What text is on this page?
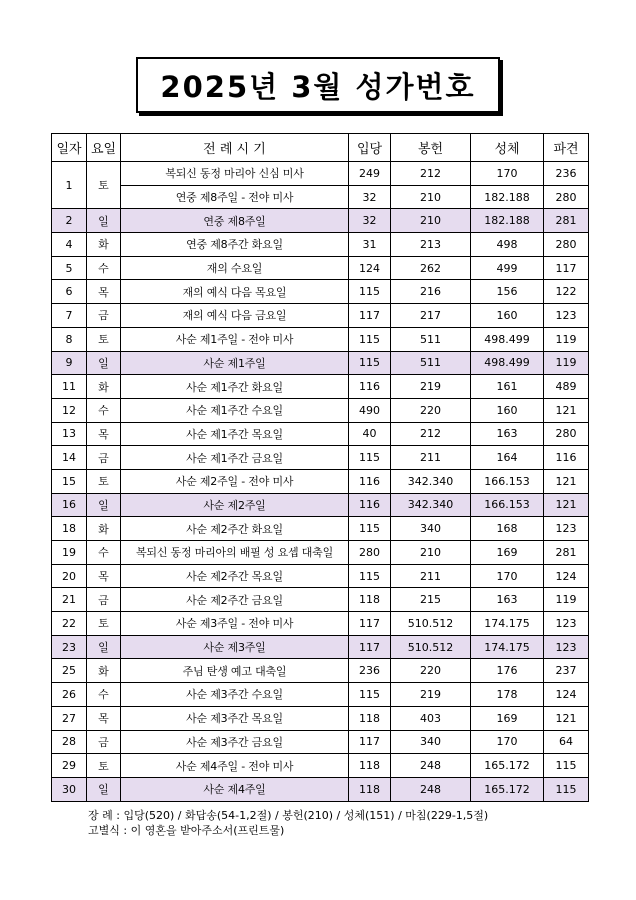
2025년 3월 성가번호
일자	요일	전 례 시 기	입당	봉헌	성체	파견
1	토	복되신 동정 마리아 신심 미사	249	212	170	236
		연중 제8주일 - 전야 미사	32	210	182.188	280
2	일	연중 제8주일	32	210	182.188	281
4	화	연중 제8주간 화요일	31	213	498	280
5	수	재의 수요일	124	262	499	117
6	목	재의 예식 다음 목요일	115	216	156	122
7	금	재의 예식 다음 금요일	117	217	160	123
8	토	사순 제1주일 - 전야 미사	115	511	498.499	119
9	일	사순 제1주일	115	511	498.499	119
11	화	사순 제1주간 화요일	116	219	161	489
12	수	사순 제1주간 수요일	490	220	160	121
13	목	사순 제1주간 목요일	40	212	163	280
14	금	사순 제1주간 금요일	115	211	164	116
15	토	사순 제2주일 - 전야 미사	116	342.340	166.153	121
16	일	사순 제2주일	116	342.340	166.153	121
18	화	사순 제2주간 화요일	115	340	168	123
19	수	복되신 동정 마리아의 배필 성 요셉 대축일	280	210	169	281
20	목	사순 제2주간 목요일	115	211	170	124
21	금	사순 제2주간 금요일	118	215	163	119
22	토	사순 제3주일 - 전야 미사	117	510.512	174.175	123
23	일	사순 제3주일	117	510.512	174.175	123
25	화	주님 탄생 예고 대축일	236	220	176	237
26	수	사순 제3주간 수요일	115	219	178	124
27	목	사순 제3주간 목요일	118	403	169	121
28	금	사순 제3주간 금요일	117	340	170	64
29	토	사순 제4주일 - 전야 미사	118	248	165.172	115
30	일	사순 제4주일	118	248	165.172	115
장 례 : 입당(520) / 화답송(54-1,2절) / 봉헌(210) / 성체(151) / 마침(229-1,5절)
고별식 : 이 영혼을 받아주소서(프린트물)
